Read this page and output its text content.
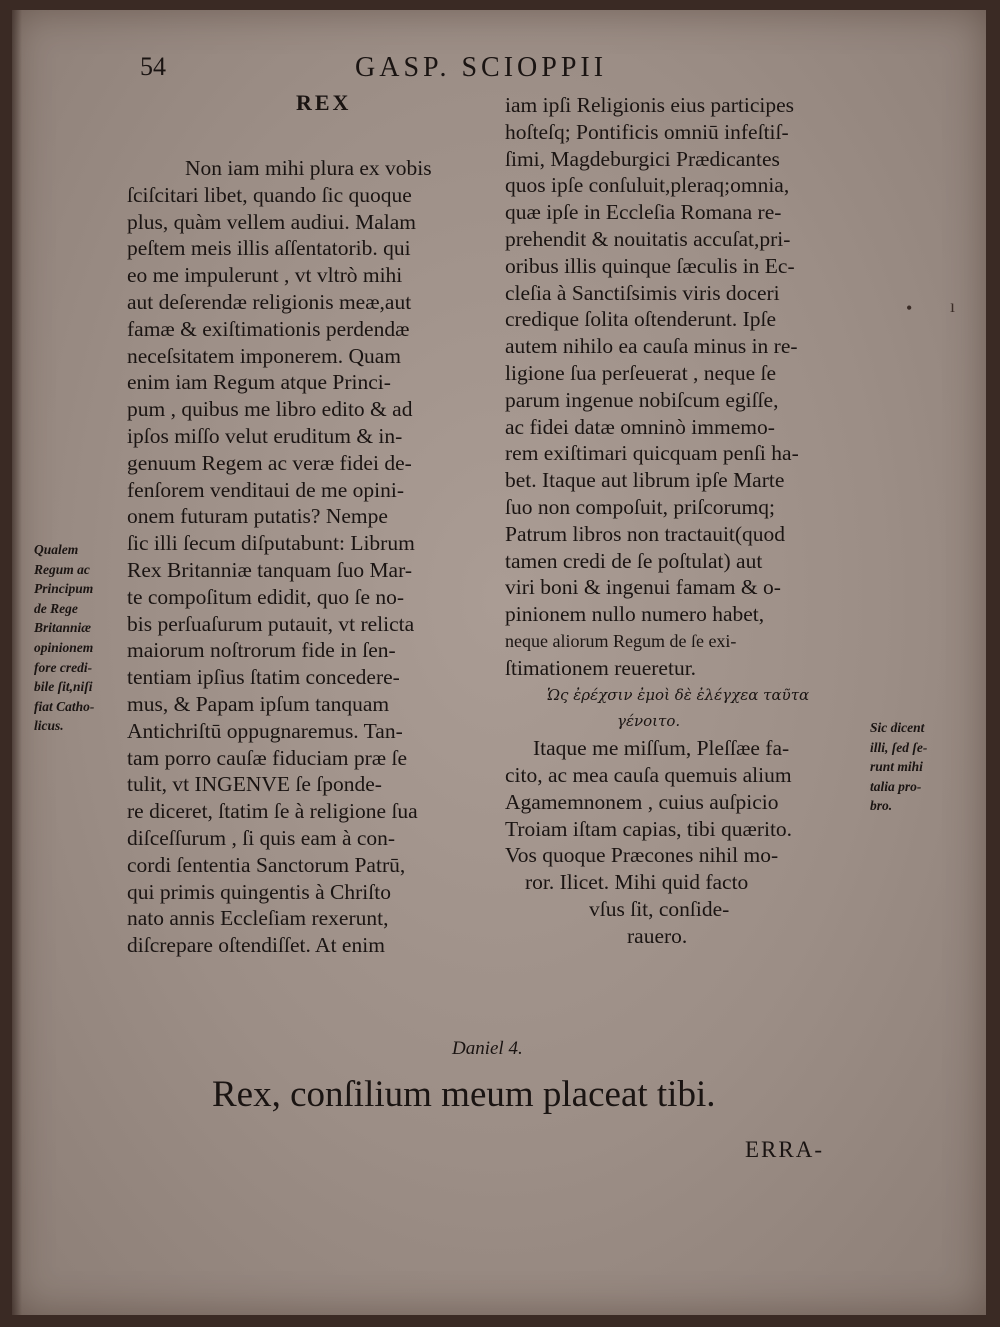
54	GASP. SCIOPPII
REX

Non iam mihi plura ex vobis

ſciſcitari libet, quando ſic quoque

plus, quàm vellem audiui. Malam

peſtem meis illis aſſentatorib. qui

eo me impulerunt , vt vltrò mihi

aut deſerendæ religionis meæ,aut

famæ & exiſtimationis perdendæ

neceſsitatem imponerem. Quam

enim iam Regum atque Princi-

pum , quibus me libro edito & ad

ipſos miſſo velut eruditum & in-

genuum Regem ac veræ fidei de-

fenſorem venditaui de me opini-

onem futuram putatis? Nempe

ſic illi ſecum diſputabunt: Librum

Rex Britanniæ tanquam ſuo Mar-

te compoſitum edidit, quo ſe no-

bis perſuaſurum putauit, vt relicta

maiorum noſtrorum fide in ſen-

tentiam ipſius ſtatim concedere-

mus, & Papam ipſum tanquam

Antichriſtū oppugnaremus. Tan-

tam porro cauſæ fiduciam præ ſe

tulit, vt INGENVE ſe ſponde-

re diceret, ſtatim ſe à religione ſua

diſceſſurum , ſi quis eam à con-

cordi ſententia Sanctorum Patrū,

qui primis quingentis à Chriſto

nato annis Eccleſiam rexerunt,

diſcrepare oſtendiſſet. At enim

iam ipſi Religionis eius participes

hoſteſq; Pontificis omniū infeſtiſ-

ſimi, Magdeburgici Prædicantes

quos ipſe conſuluit,pleraq;omnia,

quæ ipſe in Eccleſia Romana re-

prehendit & nouitatis accuſat,pri-

oribus illis quinque ſæculis in Ec-

cleſia à Sanctiſsimis viris doceri

credique ſolita oſtenderunt. Ipſe

autem nihilo ea cauſa minus in re-

ligione ſua perſeuerat , neque ſe

parum ingenue nobiſcum egiſſe,

ac fidei datæ omninò immemo-

rem exiſtimari quicquam penſi ha-

bet. Itaque aut librum ipſe Marte

ſuo non compoſuit, priſcorumq;

Patrum libros non tractauit(quod

tamen credi de ſe poſtulat) aut

viri boni & ingenui famam & o-

pinionem nullo numero habet,

neque aliorum Regum de ſe exi-

ſtimationem reueretur.

Ὡς ἐρέχσιν ἐμοὶ δὲ ἐλέγχεα ταῦτα

γένοιτο.

Itaque me miſſum, Pleſſæe fa-

cito, ac mea cauſa quemuis alium

Agamemnonem , cuius auſpicio

Troiam iſtam capias, tibi quærito.

Vos quoque Præcones nihil mo-

ror. Ilicet. Mihi quid facto

vſus ſit, conſide-

rauero.

Qualem

Regum ac

Principum

de Rege

Britanniæ

opinionem

fore credi-

bile ſit,niſi

fiat Catho-

licus.	Sic dicent

illi, ſed ſe-

runt mihi

talia pro-

bro.

Daniel 4.
Rex, conſilium meum placeat tibi.
ERRA-
• ı
